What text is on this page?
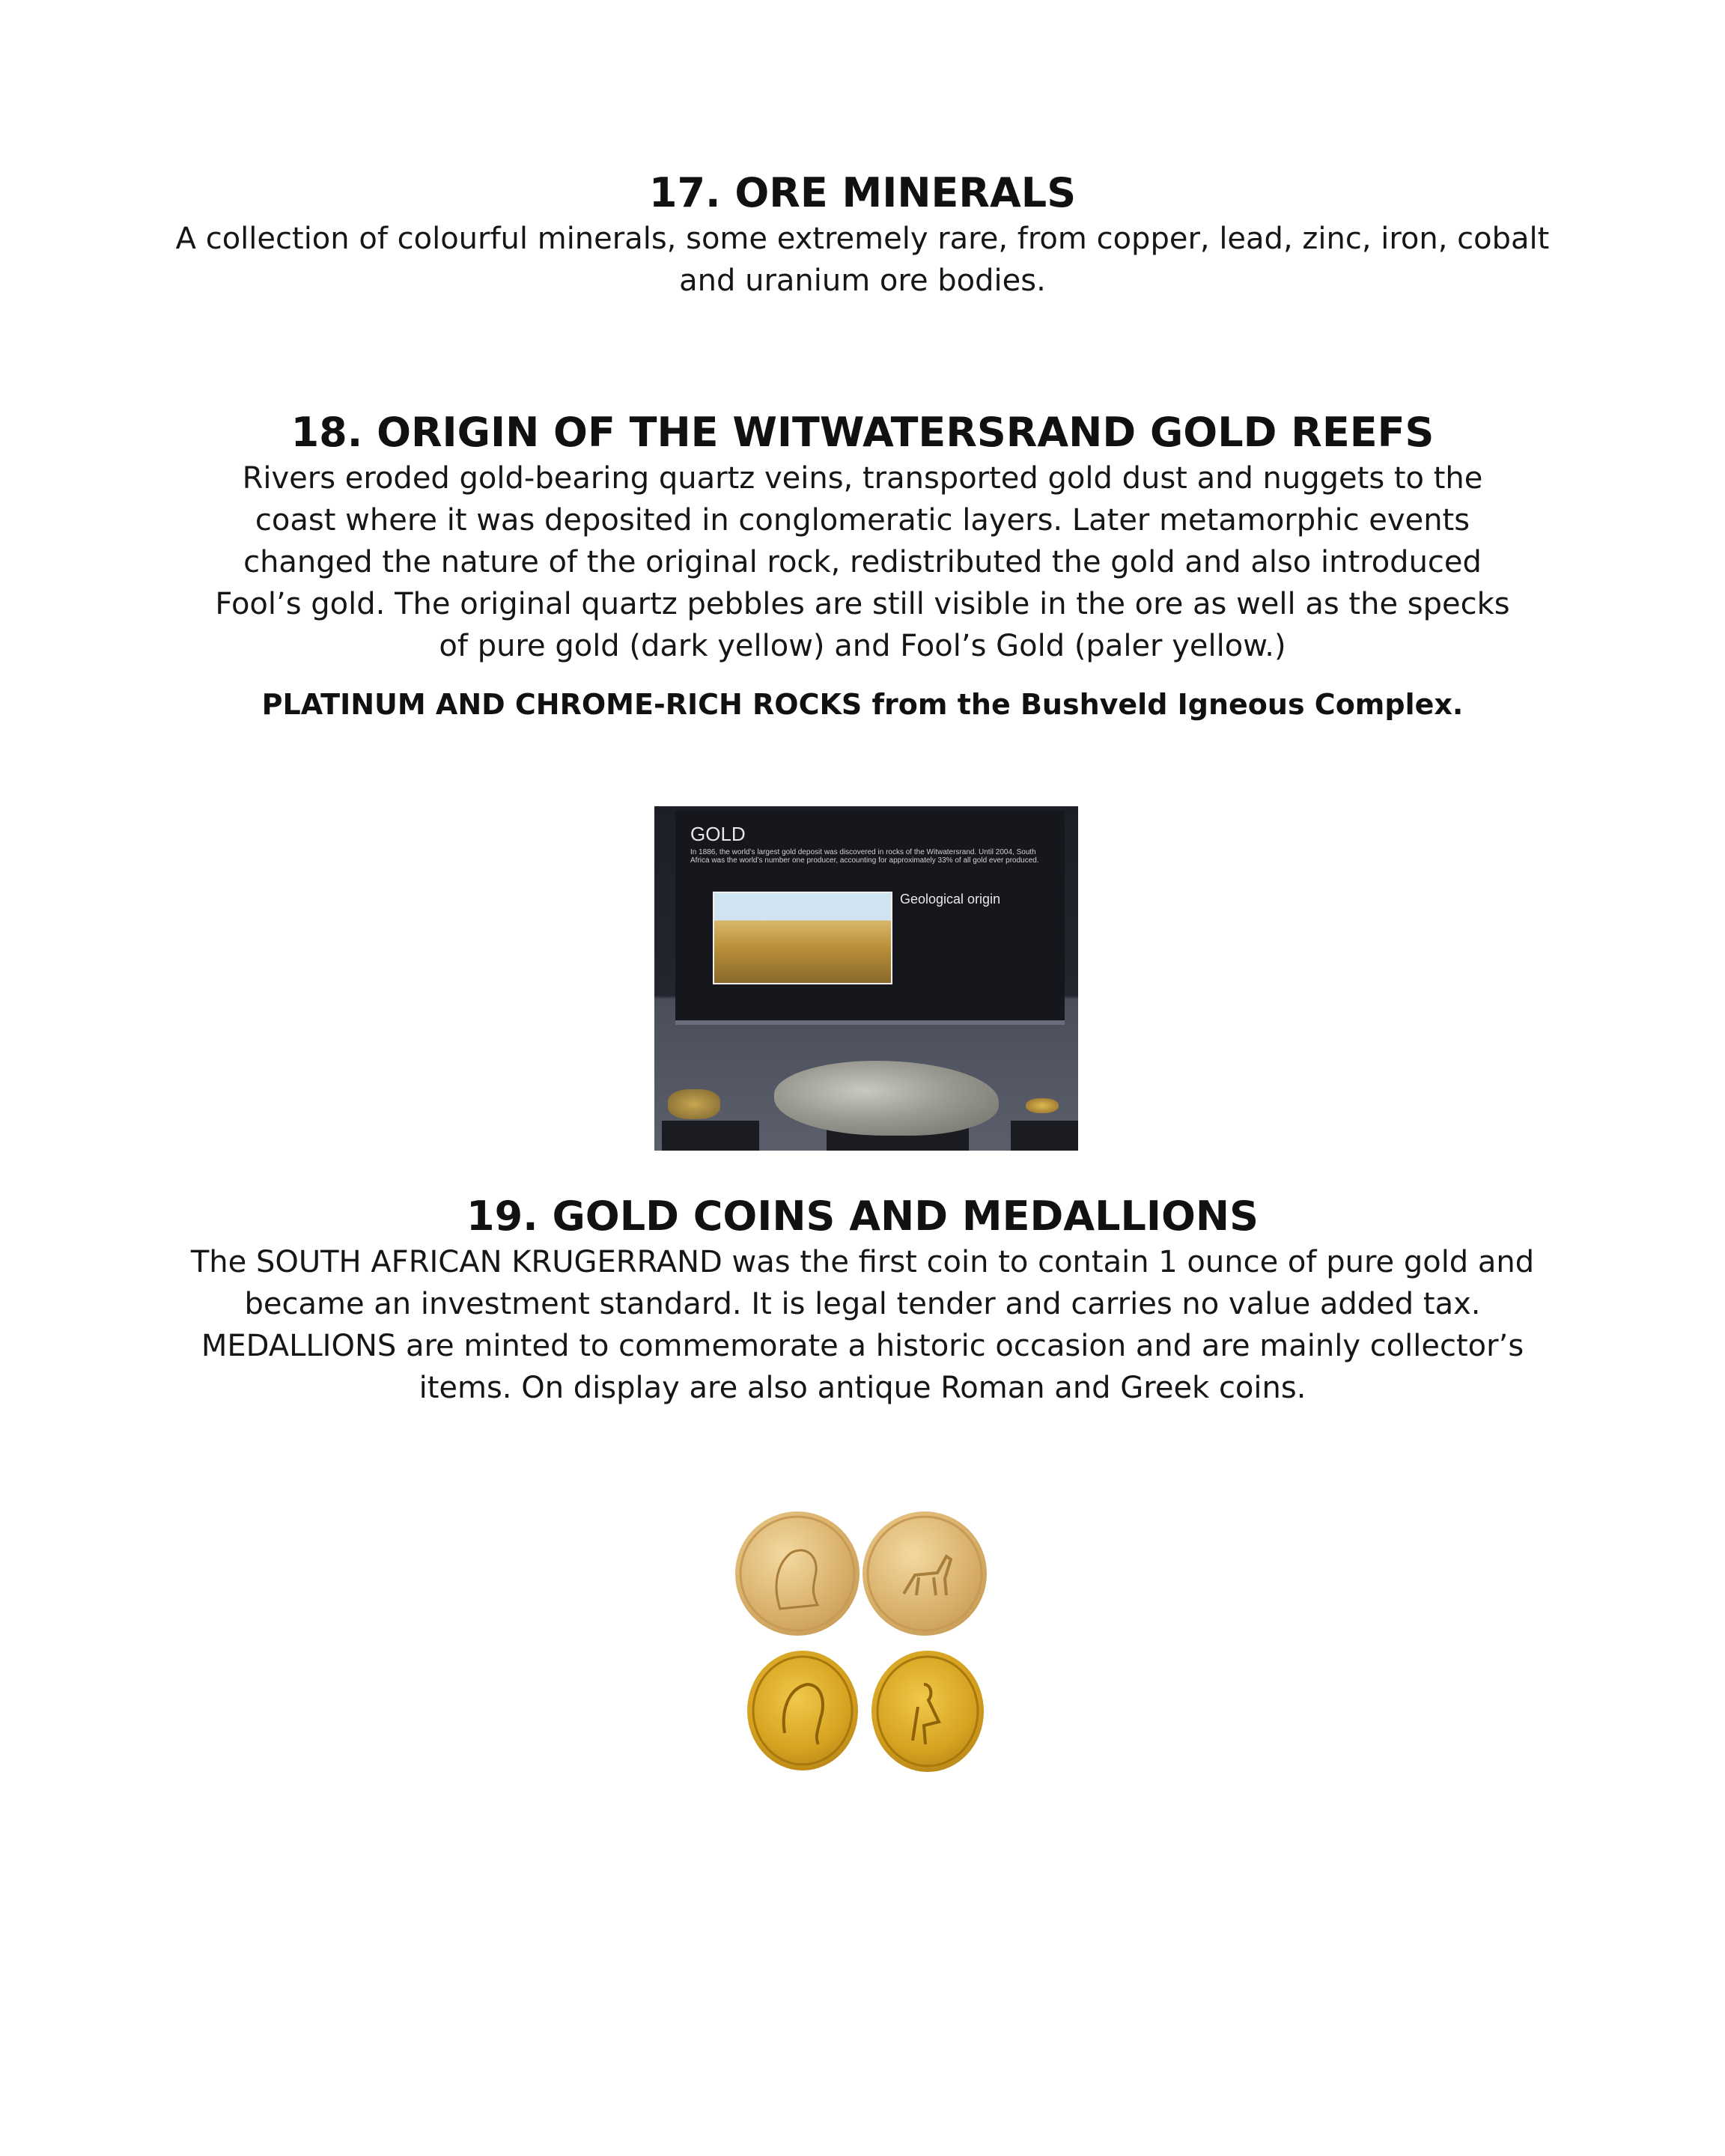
17. ORE MINERALS

A collection of colourful minerals, some extremely rare, from copper, lead, zinc, iron, cobalt and uranium ore bodies.

18. ORIGIN OF THE WITWATERSRAND GOLD REEFS

Rivers eroded gold-bearing quartz veins, transported gold dust and nuggets to the coast where it was deposited in conglomeratic layers. Later metamorphic events changed the nature of the original rock, redistributed the gold and also introduced Fool’s gold. The original quartz pebbles are still visible in the ore as well as the specks of pure gold (dark yellow) and Fool’s Gold (paler yellow.)

PLATINUM AND CHROME-RICH ROCKS from the Bushveld Igneous Complex.

GOLD
In 1886, the world’s largest gold deposit was discovered in rocks of the Witwatersrand. Until 2004, South Africa was the world’s number one producer, accounting for approximately 33% of all gold ever produced.
Geological origin
19. GOLD COINS AND MEDALLIONS

The SOUTH AFRICAN KRUGERRAND was the first coin to contain 1 ounce of pure gold and became an investment standard. It is legal tender and carries no value added tax. MEDALLIONS are minted to commemorate a historic occasion and are mainly collector’s items. On display are also antique Roman and Greek coins.
